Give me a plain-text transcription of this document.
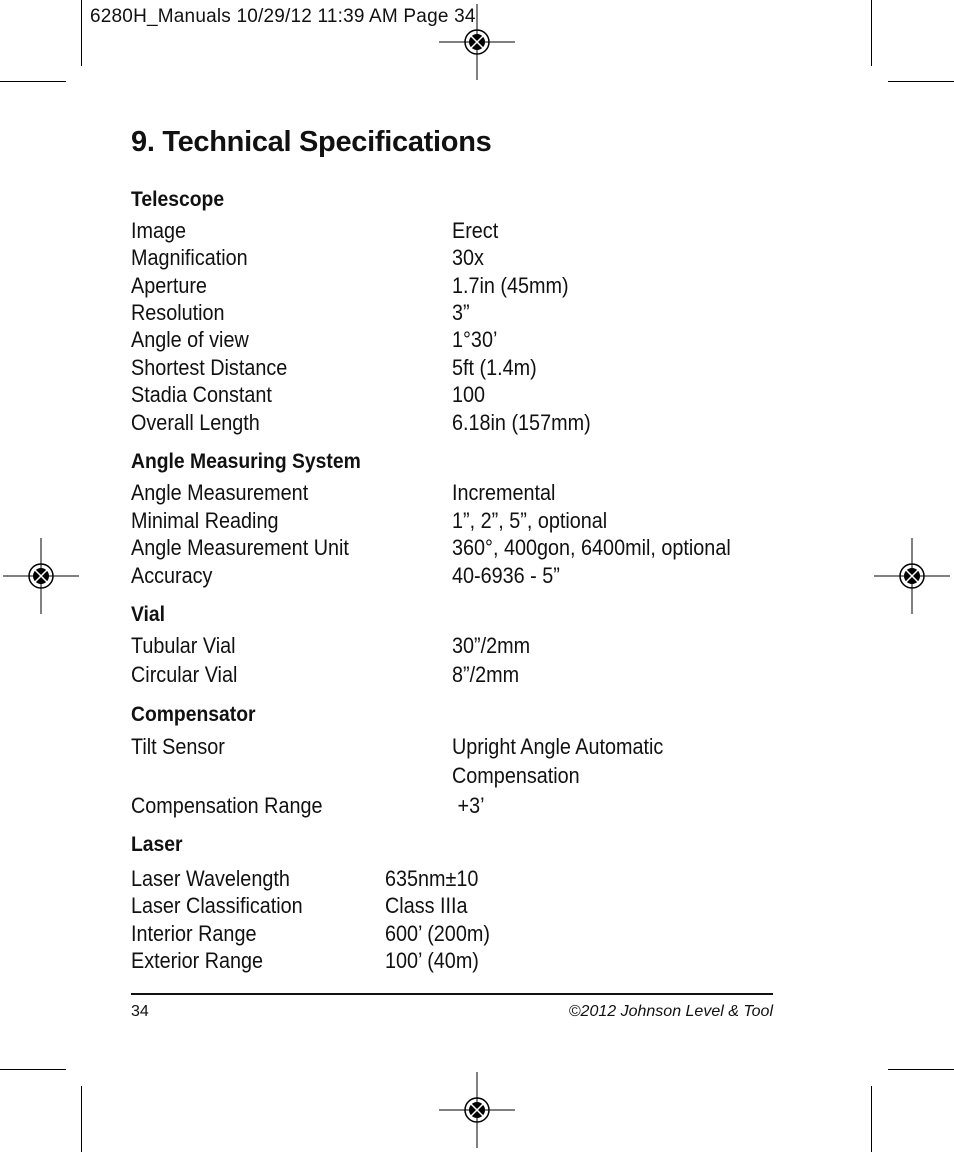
6280H_Manuals 10/29/12 11:39 AM Page 34
9. Technical Specifications
Telescope
Image	Erect
Magnification	30x
Aperture	1.7in (45mm)
Resolution	3”
Angle of view	1°30’
Shortest Distance	5ft (1.4m)
Stadia Constant	100
Overall Length	6.18in (157mm)
Angle Measuring System
Angle Measurement	Incremental
Minimal Reading	1”, 2”, 5”, optional
Angle Measurement Unit	360°, 400gon, 6400mil, optional
Accuracy	40-6936 - 5”
Vial
Tubular Vial	30”/2mm
Circular Vial	8”/2mm
Compensator
Tilt Sensor	Upright Angle Automatic
Compensation
Compensation Range	+3’
Laser
Laser Wavelength	635nm±10
Laser Classification	Class IIIa
Interior Range	600’ (200m)
Exterior Range	100’ (40m)
34	©2012 Johnson Level & Tool
